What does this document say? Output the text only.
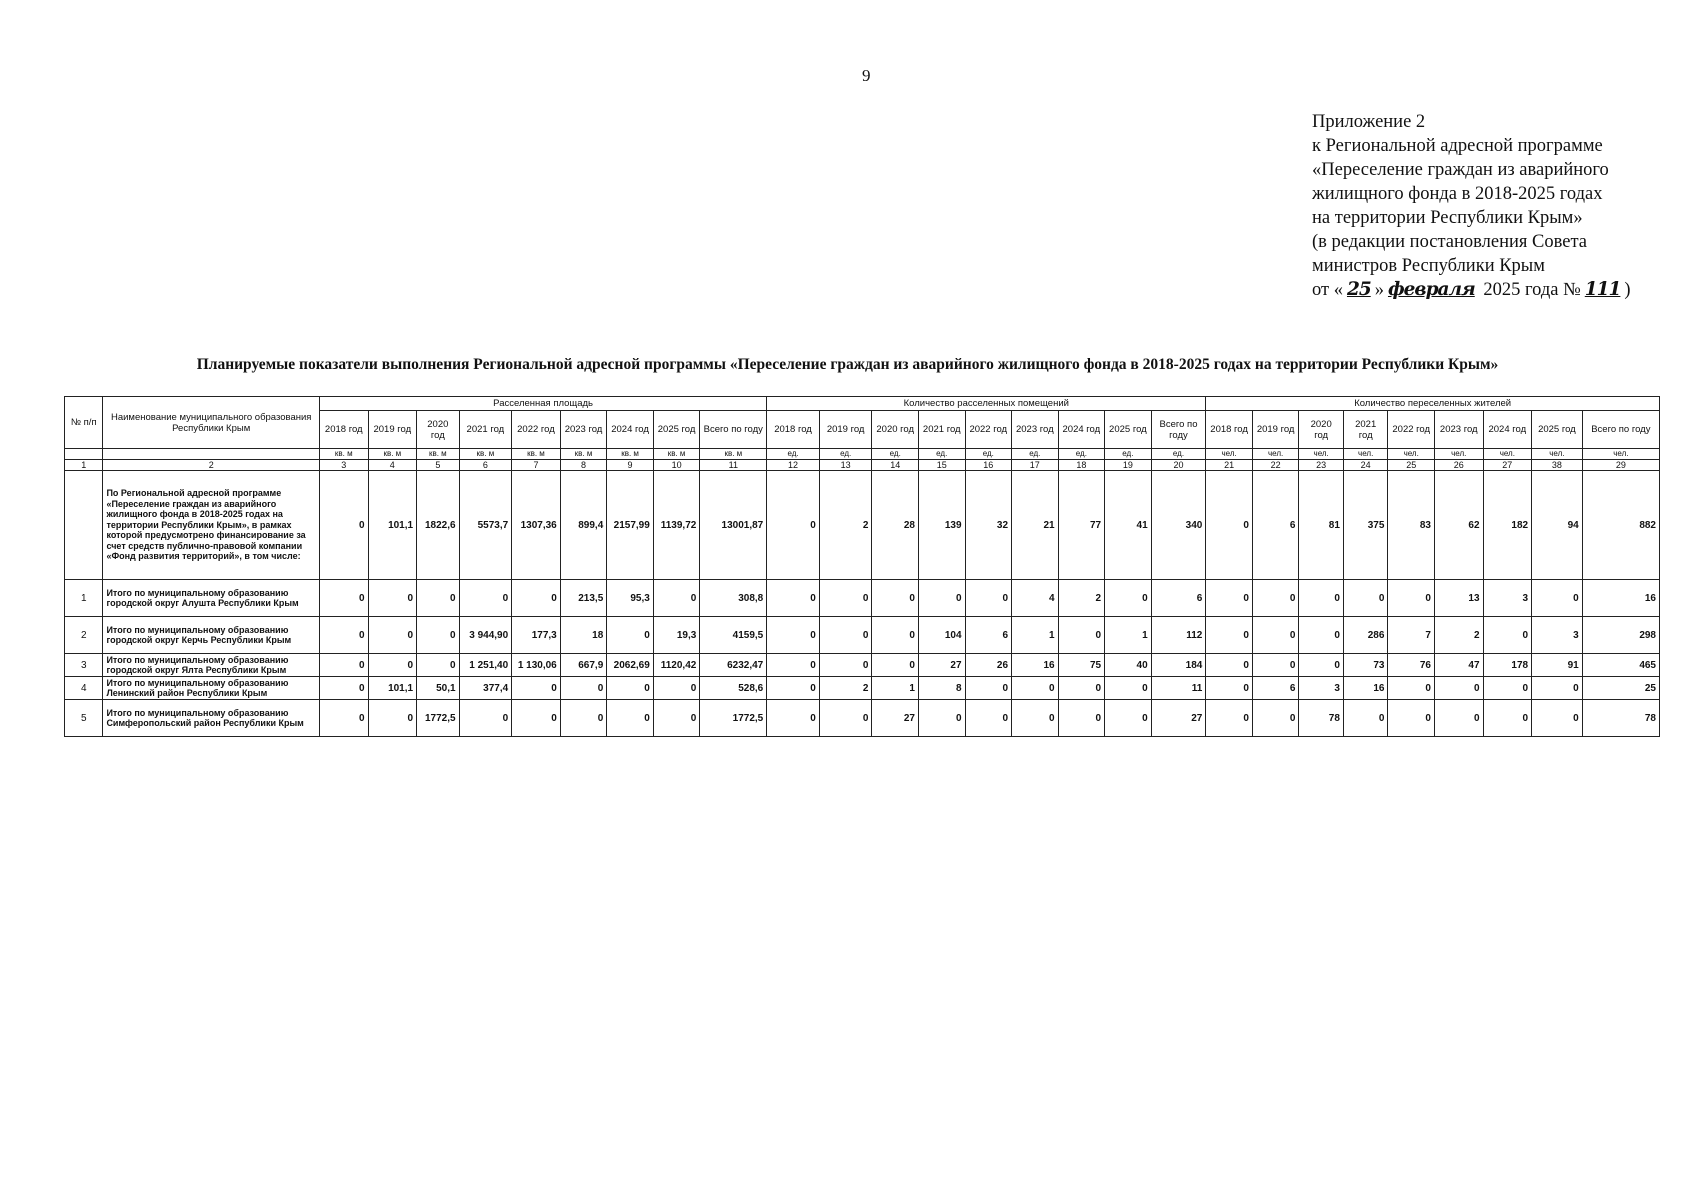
9
Приложение 2
к Региональной адресной программе
«Переселение граждан из аварийного
жилищного фонда в 2018-2025 годах
на территории Республики Крым»
(в редакции постановления Совета
министров Республики Крым
от « 25 » февраля 2025 года № 111 )
Планируемые показатели выполнения Региональной адресной программы «Переселение граждан из аварийного жилищного фонда в 2018-2025 годах на территории Республики Крым»
№ п/п	Наименование муниципального образования Республики Крым	Расселенная площадь									Количество расселенных помещений									Количество переселенных жителей								
		2018 год	2019 год	2020 год	2021 год	2022 год	2023 год	2024 год	2025 год	Всего по году	2018 год	2019 год	2020 год	2021 год	2022 год	2023 год	2024 год	2025 год	Всего по году	2018 год	2019 год	2020 год	2021 год	2022 год	2023 год	2024 год	2025 год	Всего по году
		кв. м	кв. м	кв. м	кв. м	кв. м	кв. м	кв. м	кв. м	кв. м	ед.	ед.	ед.	ед.	ед.	ед.	ед.	ед.	ед.	чел.	чел.	чел.	чел.	чел.	чел.	чел.	чел.	чел.
1	2	3	4	5	6	7	8	9	10	11	12	13	14	15	16	17	18	19	20	21	22	23	24	25	26	27	38	29
	По Региональной адресной программе «Переселение граждан из аварийного жилищного фонда в 2018-2025 годах на территории Республики Крым», в рамках которой предусмотрено финансирование за счет средств публично-правовой компании «Фонд развития территорий», в том числе:	0	101,1	1822,6	5573,7	1307,36	899,4	2157,99	1139,72	13001,87	0	2	28	139	32	21	77	41	340	0	6	81	375	83	62	182	94	882
1	Итого по муниципальному образованию городской округ Алушта Республики Крым	0	0	0	0	0	213,5	95,3	0	308,8	0	0	0	0	0	4	2	0	6	0	0	0	0	0	13	3	0	16
2	Итого по муниципальному образованию городской округ Керчь Республики Крым	0	0	0	3 944,90	177,3	18	0	19,3	4159,5	0	0	0	104	6	1	0	1	112	0	0	0	286	7	2	0	3	298
3	Итого по муниципальному образованию городской округ Ялта Республики Крым	0	0	0	1 251,40	1 130,06	667,9	2062,69	1120,42	6232,47	0	0	0	27	26	16	75	40	184	0	0	0	73	76	47	178	91	465
4	Итого по муниципальному образованию Ленинский район Республики Крым	0	101,1	50,1	377,4	0	0	0	0	528,6	0	2	1	8	0	0	0	0	11	0	6	3	16	0	0	0	0	25
5	Итого по муниципальному образованию Симферопольский район Республики Крым	0	0	1772,5	0	0	0	0	0	1772,5	0	0	27	0	0	0	0	0	27	0	0	78	0	0	0	0	0	78
